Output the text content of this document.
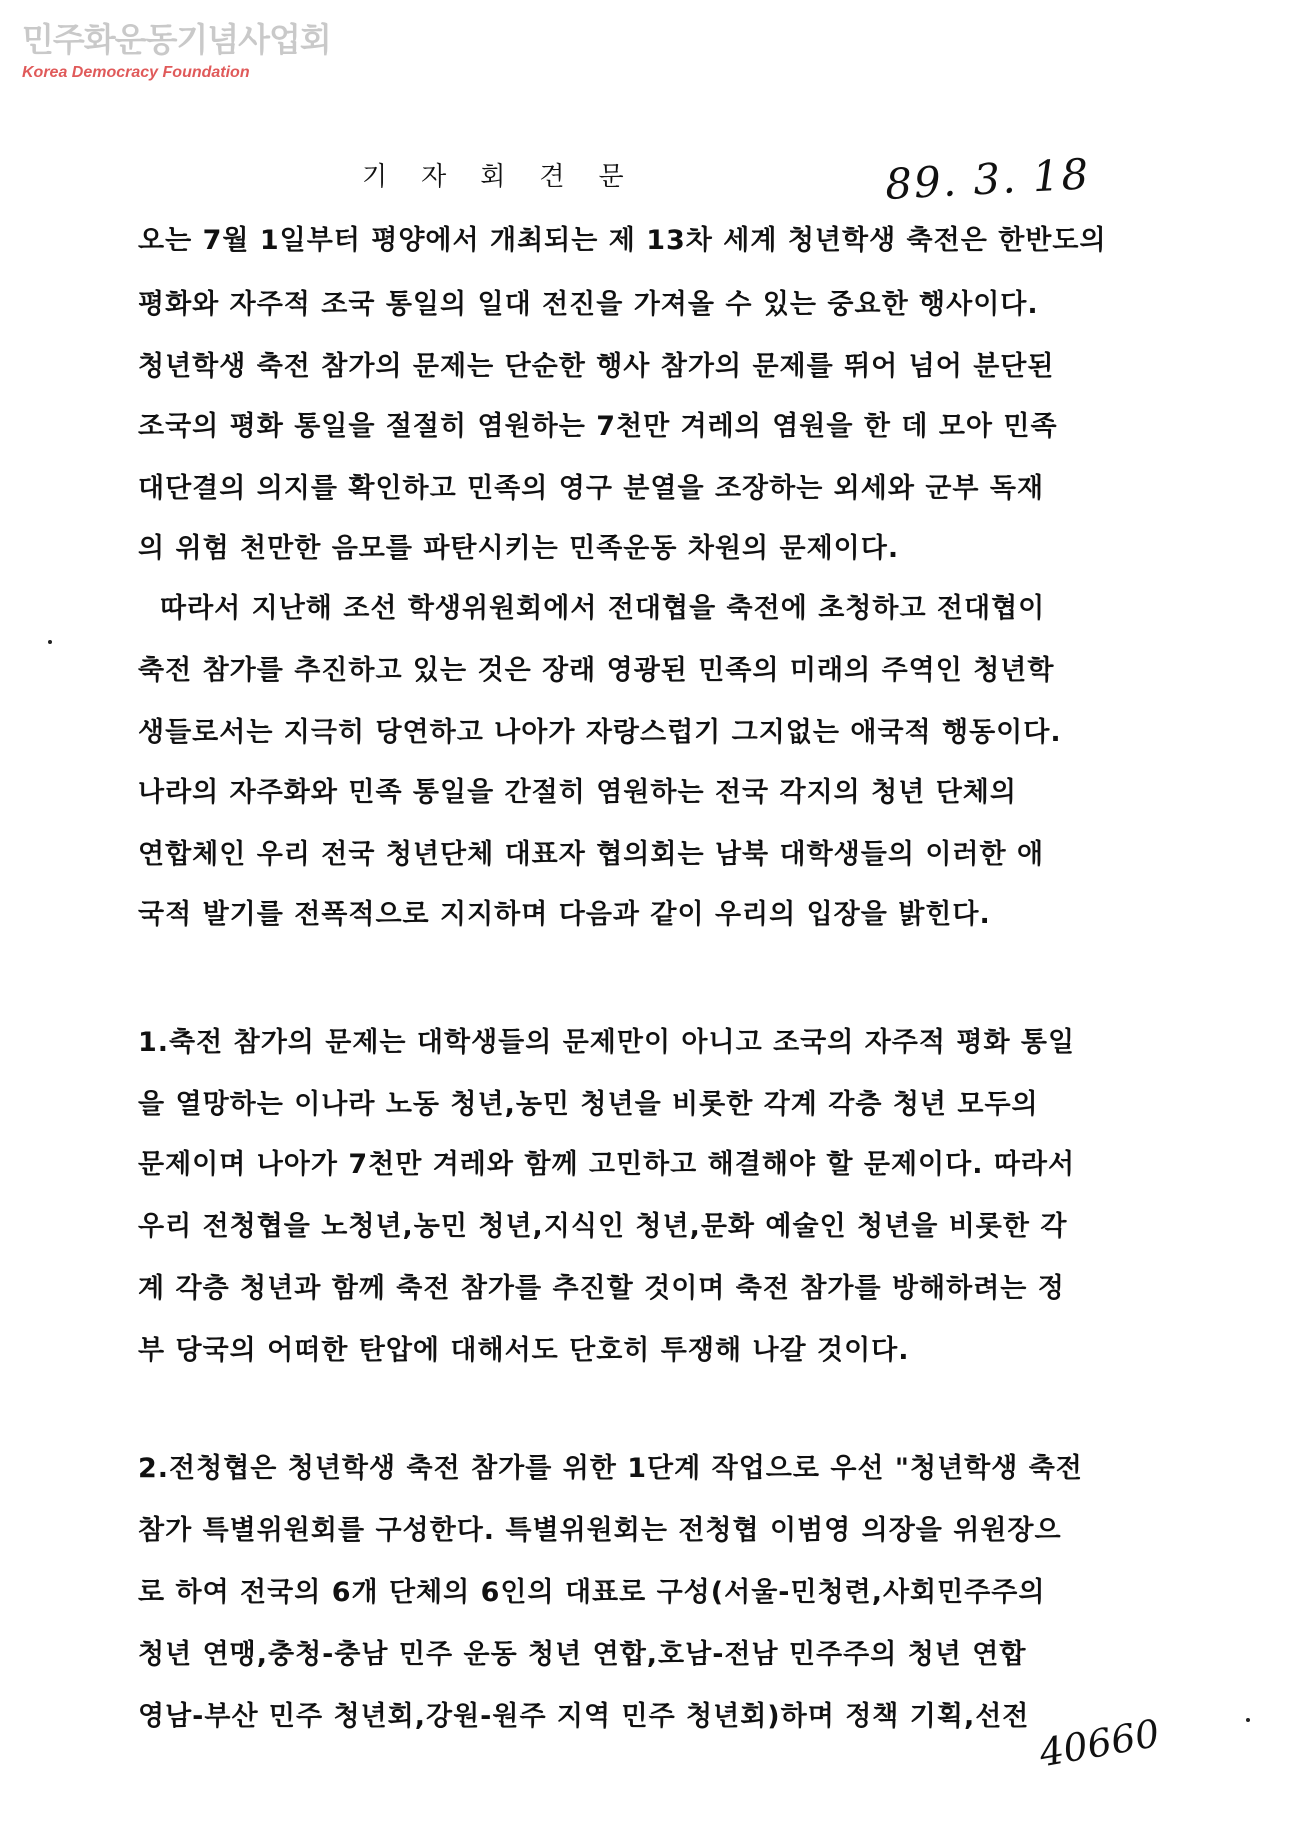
민주화운동기념사업회
Korea Democracy Foundation
기자회견문	89. 3. 18
오는 7월 1일부터 평양에서 개최되는 제 13차 세계 청년학생 축전은 한반도의
평화와 자주적 조국 통일의 일대 전진을 가져올 수 있는 중요한 행사이다.
청년학생 축전 참가의 문제는 단순한 행사 참가의 문제를 뛰어 넘어 분단된
조국의 평화 통일을 절절히 염원하는 7천만 겨레의 염원을 한 데 모아 민족
대단결의 의지를 확인하고 민족의 영구 분열을 조장하는 외세와 군부 독재
의 위험 천만한 음모를 파탄시키는 민족운동 차원의 문제이다.
따라서 지난해 조선 학생위원회에서 전대협을 축전에 초청하고 전대협이
축전 참가를 추진하고 있는 것은 장래 영광된 민족의 미래의 주역인 청년학
생들로서는 지극히 당연하고 나아가 자랑스럽기 그지없는 애국적 행동이다.
나라의 자주화와 민족 통일을 간절히 염원하는 전국 각지의 청년 단체의
연합체인 우리 전국 청년단체 대표자 협의회는 남북 대학생들의 이러한 애
국적 발기를 전폭적으로 지지하며 다음과 같이 우리의 입장을 밝힌다.
1.축전 참가의 문제는 대학생들의 문제만이 아니고 조국의 자주적 평화 통일
을 열망하는 이나라 노동 청년,농민 청년을 비롯한 각계 각층 청년 모두의
문제이며 나아가 7천만 겨레와 함께 고민하고 해결해야 할 문제이다. 따라서
우리 전청협을 노청년,농민 청년,지식인 청년,문화 예술인 청년을 비롯한 각
계 각층 청년과 함께 축전 참가를 추진할 것이며 축전 참가를 방해하려는 정
부 당국의 어떠한 탄압에 대해서도 단호히 투쟁해 나갈 것이다.
2.전청협은 청년학생 축전 참가를 위한 1단계 작업으로 우선 "청년학생 축전
참가 특별위원회를 구성한다. 특별위원회는 전청협 이범영 의장을 위원장으
로 하여 전국의 6개 단체의 6인의 대표로 구성(서울-민청련,사회민주주의
청년 연맹,충청-충남 민주 운동 청년 연합,호남-전남 민주주의 청년 연합
영남-부산 민주 청년회,강원-원주 지역 민주 청년회)하며 정책 기획,선전 40660
